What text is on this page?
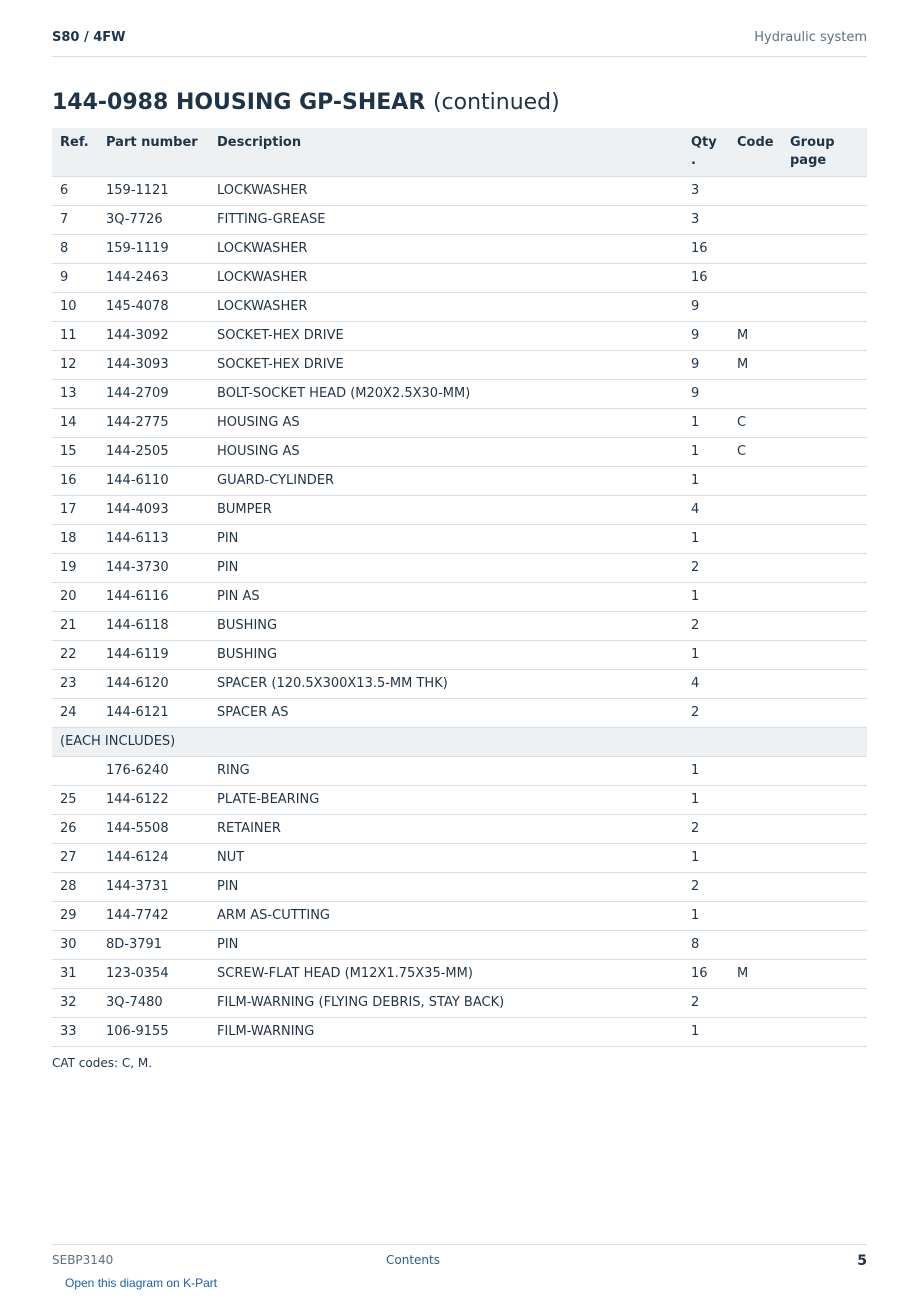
S80 / 4FW	Hydraulic system
144-0988 HOUSING GP-SHEAR (continued)
Ref.	Part number	Description	Qty .	Code	Group page
6	159-1121	LOCKWASHER	3		
7	3Q-7726	FITTING-GREASE	3		
8	159-1119	LOCKWASHER	16		
9	144-2463	LOCKWASHER	16		
10	145-4078	LOCKWASHER	9		
11	144-3092	SOCKET-HEX DRIVE	9	M	
12	144-3093	SOCKET-HEX DRIVE	9	M	
13	144-2709	BOLT-SOCKET HEAD (M20X2.5X30-MM)	9		
14	144-2775	HOUSING AS	1	C	
15	144-2505	HOUSING AS	1	C	
16	144-6110	GUARD-CYLINDER	1		
17	144-4093	BUMPER	4		
18	144-6113	PIN	1		
19	144-3730	PIN	2		
20	144-6116	PIN AS	1		
21	144-6118	BUSHING	2		
22	144-6119	BUSHING	1		
23	144-6120	SPACER (120.5X300X13.5-MM THK)	4		
24	144-6121	SPACER AS	2		
(EACH INCLUDES)					
	176-6240	RING	1		
25	144-6122	PLATE-BEARING	1		
26	144-5508	RETAINER	2		
27	144-6124	NUT	1		
28	144-3731	PIN	2		
29	144-7742	ARM AS-CUTTING	1		
30	8D-3791	PIN	8		
31	123-0354	SCREW-FLAT HEAD (M12X1.75X35-MM)	16	M	
32	3Q-7480	FILM-WARNING (FLYING DEBRIS, STAY BACK)	2		
33	106-9155	FILM-WARNING	1		
CAT codes: C, M.
SEBP3140	Contents	5
Open this diagram on K-Part
